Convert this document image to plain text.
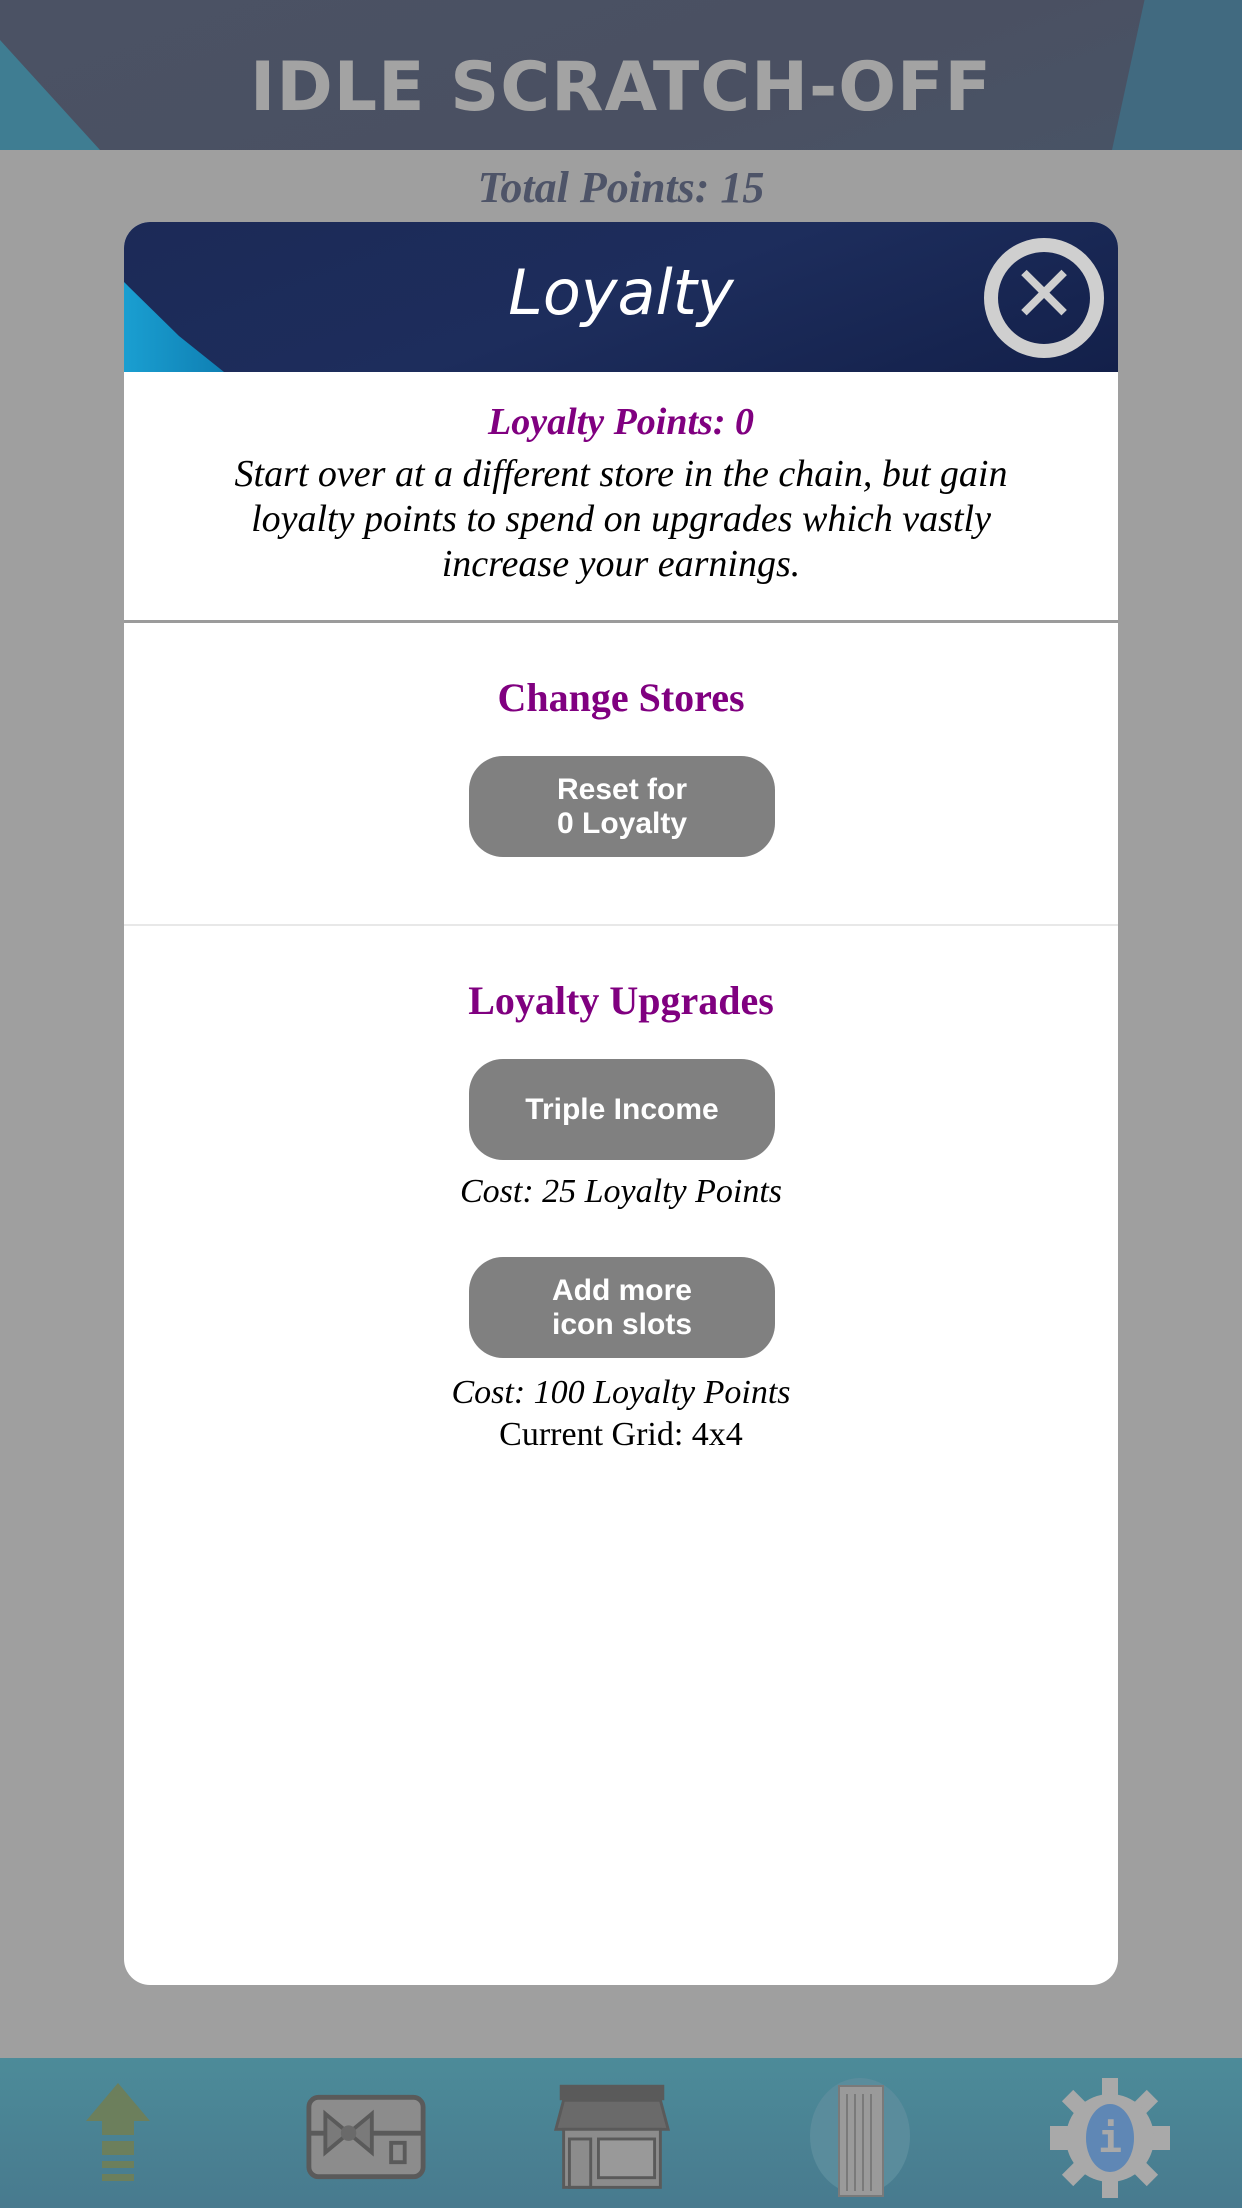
IDLE SCRATCH-OFF
Total Points: 15
Loyalty	✕
Loyalty Points: 0
Start over at a different store in the chain, but gain loyalty points to spend on upgrades which vastly increase your earnings.
Change Stores
Reset for
0 Loyalty
Loyalty Upgrades
Triple Income
Cost: 25 Loyalty Points
Add more
icon slots
Cost: 100 Loyalty Points
Current Grid: 4x4
i
